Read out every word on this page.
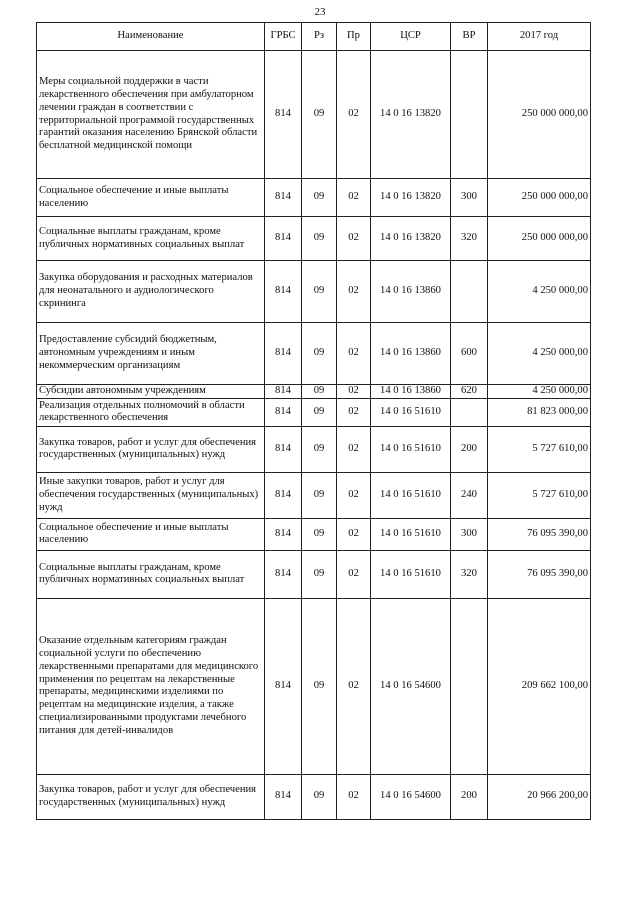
23
Наименование	ГРБС	Рз	Пр	ЦСР	ВР	2017 год
Меры социальной поддержки в части лекарственного обеспечения при амбулаторном лечении граждан в соответствии с территориальной программой государственных гарантий оказания населению Брянской области бесплатной медицинской помощи	814	09	02	14 0 16 13820		250 000 000,00
Социальное обеспечение и иные выплаты населению	814	09	02	14 0 16 13820	300	250 000 000,00
Социальные выплаты гражданам, кроме публичных нормативных социальных выплат	814	09	02	14 0 16 13820	320	250 000 000,00
Закупка оборудования и расходных материалов для неонатального и аудиологического скрининга	814	09	02	14 0 16 13860		4 250 000,00
Предоставление субсидий бюджетным, автономным учреждениям и иным некоммерческим организациям	814	09	02	14 0 16 13860	600	4 250 000,00
Субсидии автономным учреждениям	814	09	02	14 0 16 13860	620	4 250 000,00
Реализация отдельных полномочий в области лекарственного обеспечения	814	09	02	14 0 16 51610		81 823 000,00
Закупка товаров, работ и услуг для обеспечения государственных (муниципальных) нужд	814	09	02	14 0 16 51610	200	5 727 610,00
Иные закупки товаров, работ и услуг для обеспечения государственных (муниципальных) нужд	814	09	02	14 0 16 51610	240	5 727 610,00
Социальное обеспечение и иные выплаты населению	814	09	02	14 0 16 51610	300	76 095 390,00
Социальные выплаты гражданам, кроме публичных нормативных социальных выплат	814	09	02	14 0 16 51610	320	76 095 390,00
Оказание отдельным категориям граждан социальной услуги по обеспечению лекарственными препаратами для медицинского применения по рецептам на лекарственные препараты, медицинскими изделиями по рецептам на медицинские изделия, а также специализированными продуктами лечебного питания для детей-инвалидов	814	09	02	14 0 16 54600		209 662 100,00
Закупка товаров, работ и услуг для обеспечения государственных (муниципальных) нужд	814	09	02	14 0 16 54600	200	20 966 200,00
